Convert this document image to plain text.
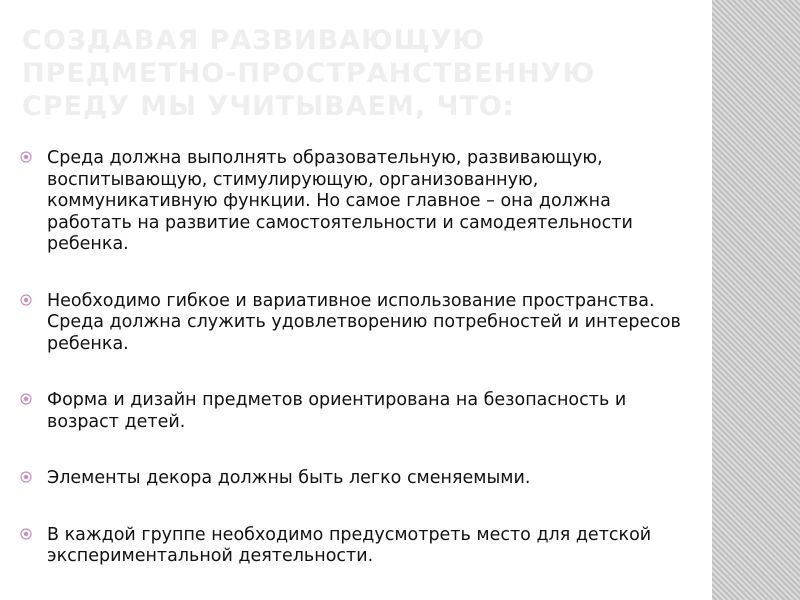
СОЗДАВАЯ РАЗВИВАЮЩУЮ ПРЕДМЕТНО-ПРОСТРАНСТВЕННУЮ СРЕДУ МЫ УЧИТЫВАЕМ, ЧТО:
Среда должна выполнять образовательную, развивающую, воспитывающую, стимулирующую, организованную, коммуникативную функции. Но самое главное – она должна работать на развитие самостоятельности и самодеятельности ребенка.
Необходимо гибкое и вариативное использование пространства. Среда должна служить удовлетворению потребностей и интересов ребенка.
Форма и дизайн предметов ориентирована на безопасность и возраст детей.
Элементы декора должны быть легко сменяемыми.
В каждой группе необходимо предусмотреть место для детской экспериментальной деятельности.
